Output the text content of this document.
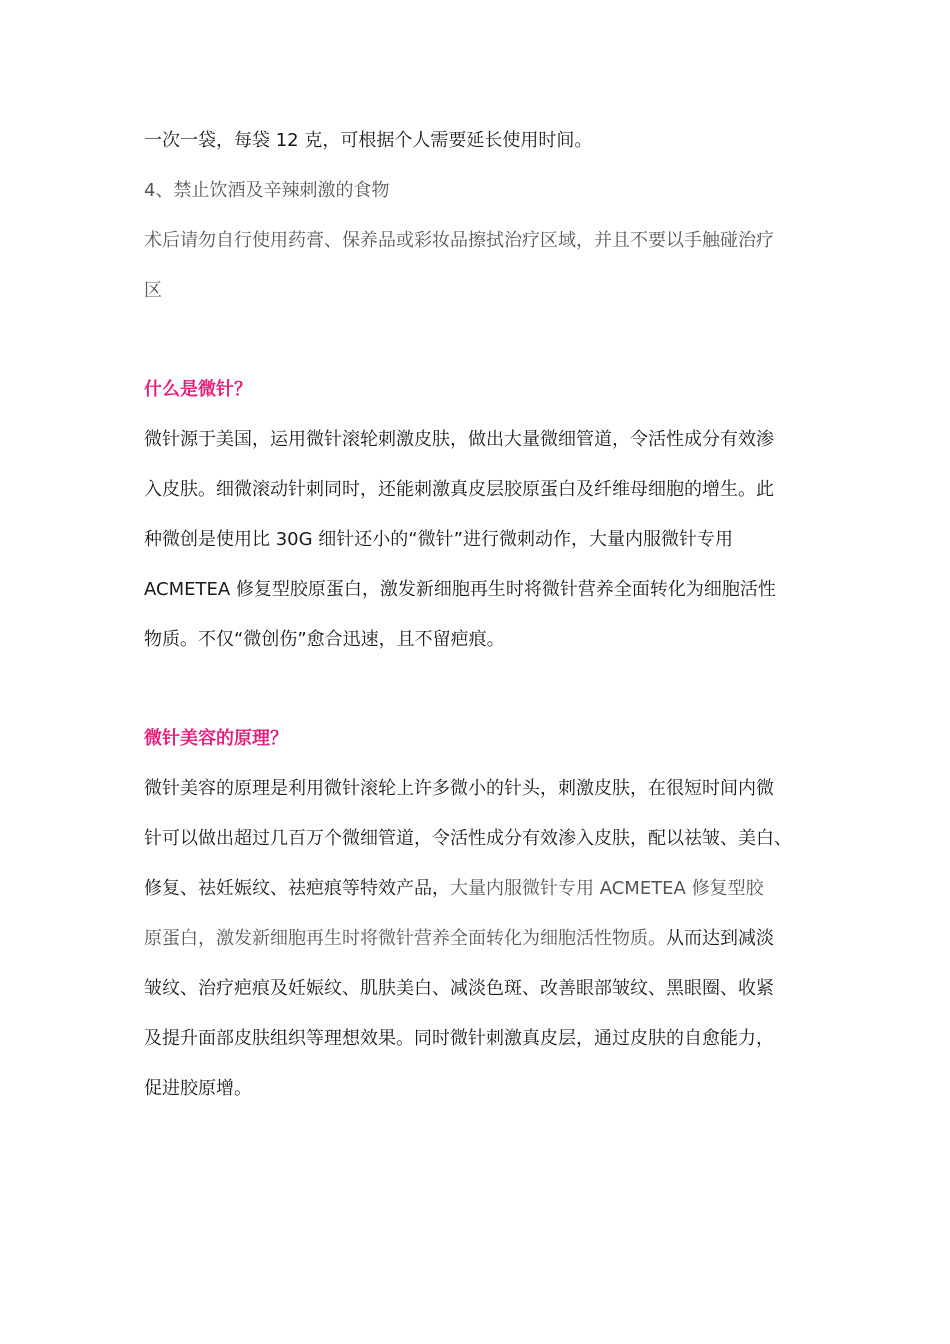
一次一袋，每袋 12 克，可根据个人需要延长使用时间。
4、禁止饮酒及辛辣刺激的食物
术后请勿自行使用药膏、保养品或彩妆品擦拭治疗区域，并且不要以手触碰治疗
区
什么是微针？
微针源于美国，运用微针滚轮刺激皮肤，做出大量微细管道，令活性成分有效渗
入皮肤。细微滚动针刺同时，还能刺激真皮层胶原蛋白及纤维母细胞的增生。此
种微创是使用比 30G 细针还小的“微针”进行微刺动作，大量内服微针专用
ACMETEA 修复型胶原蛋白，激发新细胞再生时将微针营养全面转化为细胞活性
物质。不仅“微创伤”愈合迅速，且不留疤痕。
微针美容的原理？
微针美容的原理是利用微针滚轮上许多微小的针头，刺激皮肤，在很短时间内微
针可以做出超过几百万个微细管道，令活性成分有效渗入皮肤，配以祛皱、美白、
修复、祛妊娠纹、祛疤痕等特效产品，大量内服微针专用 ACMETEA 修复型胶
原蛋白，激发新细胞再生时将微针营养全面转化为细胞活性物质。从而达到减淡
皱纹、治疗疤痕及妊娠纹、肌肤美白、减淡色斑、改善眼部皱纹、黑眼圈、收紧
及提升面部皮肤组织等理想效果。同时微针刺激真皮层，通过皮肤的自愈能力，
促进胶原增。
